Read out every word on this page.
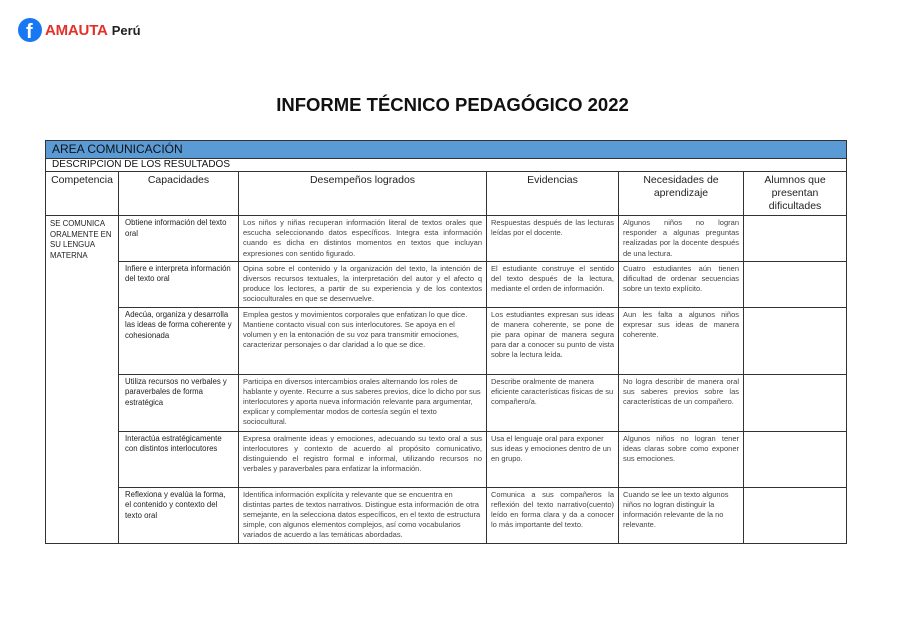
f AMAUTA Perú
INFORME TÉCNICO PEDAGÓGICO 2022
AREA COMUNICACIÓN					
DESCRIPCION DE LOS RESULTADOS					
Competencia	Capacidades	Desempeños logrados	Evidencias	Necesidades de aprendizaje	Alumnos que presentan dificultades
SE COMUNICA ORALMENTE EN SU LENGUA MATERNA	Obtiene información del texto oral	Los niños y niñas recuperan información literal de textos orales que escucha seleccionando datos específicos. Integra esta información cuando es dicha en distintos momentos en textos que incluyan expresiones con sentido figurado.	Respuestas después de las lecturas leídas por el docente.	Algunos niños no logran responder a algunas preguntas realizadas por la docente después de una lectura.	
	Infiere e interpreta información del texto oral	Opina sobre el contenido y la organización del texto, la intención de diversos recursos textuales, la interpretación del autor y el afecto q produce los lectores, a partir de su experiencia y de los contextos socioculturales en que se desenvuelve.	El estudiante construye el sentido del texto después de la lectura, mediante el orden de información.	Cuatro estudiantes aún tienen dificultad de ordenar secuencias sobre un texto explícito.	
	Adecúa, organiza y desarrolla las ideas de forma coherente y cohesionada	Emplea gestos y movimientos corporales que enfatizan lo que dice. Mantiene contacto visual con sus interlocutores. Se apoya en el volumen y en la entonación de su voz para transmitir emociones, caracterizar personajes o dar claridad a lo que se dice.	Los estudiantes expresan sus ideas de manera coherente, se pone de pie para opinar de manera segura para dar a conocer su punto de vista sobre la lectura leída.	Aun les falta a algunos niños expresar sus ideas de manera coherente.	
	Utiliza recursos no verbales y paraverbales de forma estratégica	Participa en diversos intercambios orales alternando los roles de hablante y oyente. Recurre a sus saberes previos, dice lo dicho por sus interlocutores y aporta nueva información relevante para argumentar, explicar y complementar modos de cortesía según el texto sociocultural.	Describe oralmente de manera eficiente características físicas de su compañero/a.	No logra describir de manera oral sus saberes previos sobre las características de un compañero.	
	Interactúa estratégicamente con distintos interlocutores	Expresa oralmente ideas y emociones, adecuando su texto oral a sus interlocutores y contexto de acuerdo al propósito comunicativo, distinguiendo el registro formal e informal, utilizando recursos no verbales y paraverbales para enfatizar la información.	Usa el lenguaje oral para exponer sus ideas y emociones dentro de un en grupo.	Algunos niños no logran tener ideas claras sobre como exponer sus emociones.	
	Reflexiona y evalúa la forma, el contenido y contexto del texto oral	Identifica información explícita y relevante que se encuentra en distintas partes de textos narrativos. Distingue esta información de otra semejante, en la selecciona datos específicos, en el texto de estructura simple, con algunos elementos complejos, así como vocabularios variados de acuerdo a las temáticas abordadas.	Comunica a sus compañeros la reflexión del texto narrativo(cuento) leído en forma clara y da a conocer lo más importante del texto.	Cuando se lee un texto algunos niños no logran distinguir la información relevante de la no relevante.	
